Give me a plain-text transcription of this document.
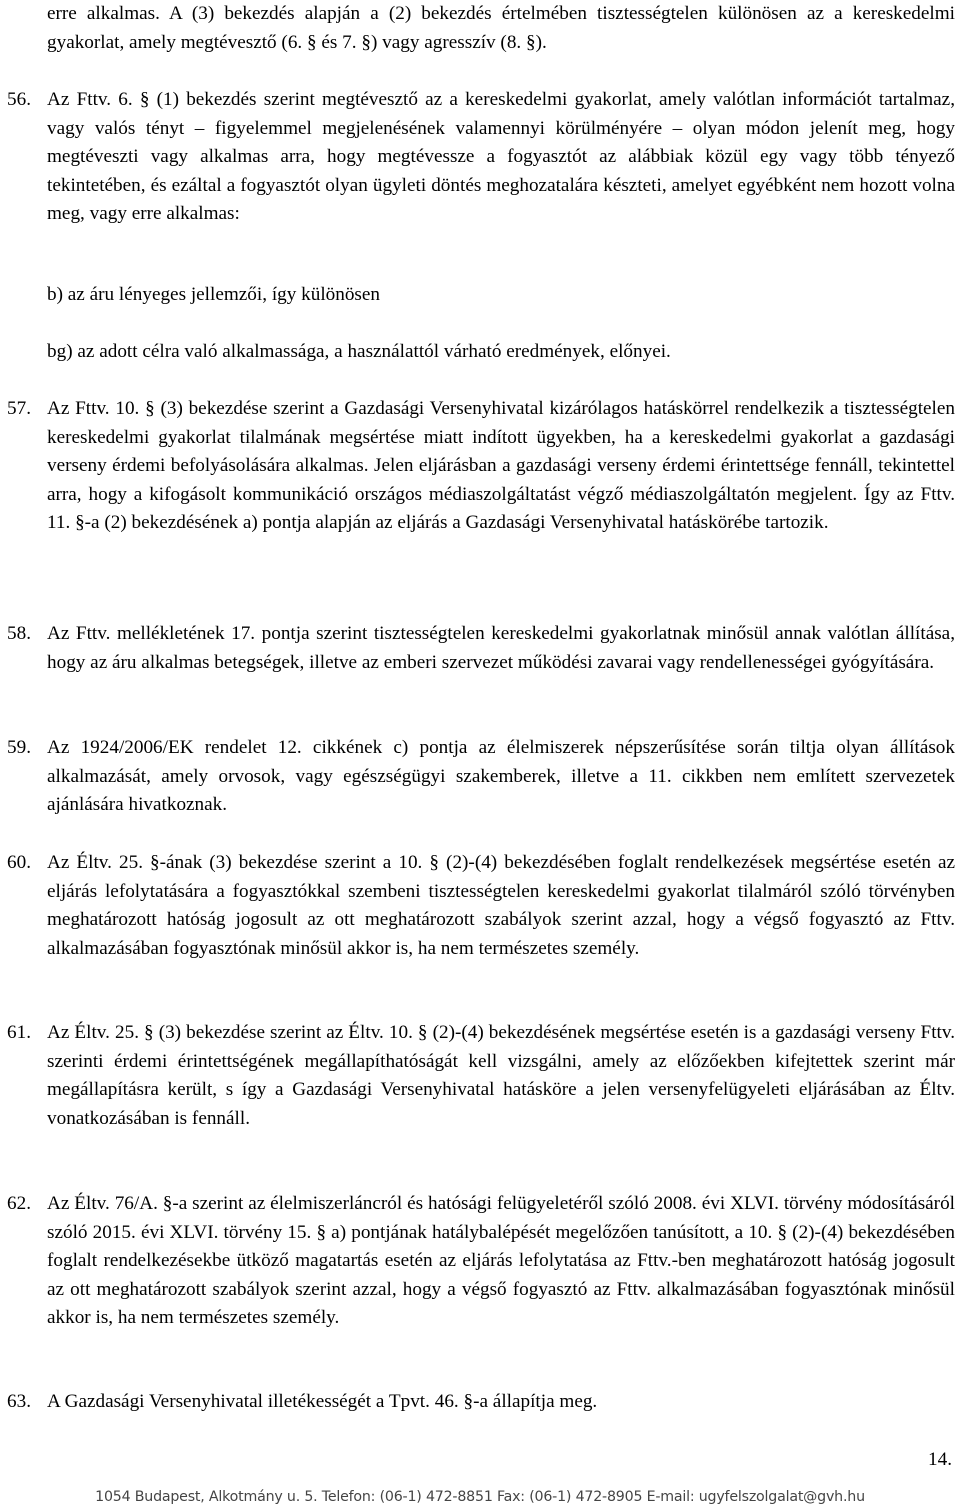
erre alkalmas. A (3) bekezdés alapján a (2) bekezdés értelmében tisztességtelen különösen az a kereskedelmi gyakorlat, amely megtévesztő (6. § és 7. §) vagy agresszív (8. §).

56. Az Fttv. 6. § (1) bekezdés szerint megtévesztő az a kereskedelmi gyakorlat, amely valótlan információt tartalmaz, vagy valós tényt – figyelemmel megjelenésének valamennyi körülményére – olyan módon jelenít meg, hogy megtéveszti vagy alkalmas arra, hogy megtévessze a fogyasztót az alábbiak közül egy vagy több tényező tekintetében, és ezáltal a fogyasztót olyan ügyleti döntés meghozatalára készteti, amelyet egyébként nem hozott volna meg, vagy erre alkalmas:

b) az áru lényeges jellemzői, így különösen

bg) az adott célra való alkalmassága, a használattól várható eredmények, előnyei.

57. Az Fttv. 10. § (3) bekezdése szerint a Gazdasági Versenyhivatal kizárólagos hatáskörrel rendelkezik a tisztességtelen kereskedelmi gyakorlat tilalmának megsértése miatt indított ügyekben, ha a kereskedelmi gyakorlat a gazdasági verseny érdemi befolyásolására alkalmas. Jelen eljárásban a gazdasági verseny érdemi érintettsége fennáll, tekintettel arra, hogy a kifogásolt kommunikáció országos médiaszolgáltatást végző médiaszolgáltatón megjelent. Így az Fttv. 11. §-a (2) bekezdésének a) pontja alapján az eljárás a Gazdasági Versenyhivatal hatáskörébe tartozik.
58. Az Fttv. mellékletének 17. pontja szerint tisztességtelen kereskedelmi gyakorlatnak minősül annak valótlan állítása, hogy az áru alkalmas betegségek, illetve az emberi szervezet működési zavarai vagy rendellenességei gyógyítására.
59. Az 1924/2006/EK rendelet 12. cikkének c) pontja az élelmiszerek népszerűsítése során tiltja olyan állítások alkalmazását, amely orvosok, vagy egészségügyi szakemberek, illetve a 11. cikkben nem említett szervezetek ajánlására hivatkoznak.
60. Az Éltv. 25. §-ának (3) bekezdése szerint a 10. § (2)-(4) bekezdésében foglalt rendelkezések megsértése esetén az eljárás lefolytatására a fogyasztókkal szembeni tisztességtelen kereskedelmi gyakorlat tilalmáról szóló törvényben meghatározott hatóság jogosult az ott meghatározott szabályok szerint azzal, hogy a végső fogyasztó az Fttv. alkalmazásában fogyasztónak minősül akkor is, ha nem természetes személy.
61. Az Éltv. 25. § (3) bekezdése szerint az Éltv. 10. § (2)-(4) bekezdésének megsértése esetén is a gazdasági verseny Fttv. szerinti érdemi érintettségének megállapíthatóságát kell vizsgálni, amely az előzőekben kifejtettek szerint már megállapításra került, s így a Gazdasági Versenyhivatal hatásköre a jelen versenyfelügyeleti eljárásában az Éltv. vonatkozásában is fennáll.
62. Az Éltv. 76/A. §-a szerint az élelmiszerláncról és hatósági felügyeletéről szóló 2008. évi XLVI. törvény módosításáról szóló 2015. évi XLVI. törvény 15. § a) pontjának hatálybalépését megelőzően tanúsított, a 10. § (2)-(4) bekezdésében foglalt rendelkezésekbe ütköző magatartás esetén az eljárás lefolytatása az Fttv.-ben meghatározott hatóság jogosult az ott meghatározott szabályok szerint azzal, hogy a végső fogyasztó az Fttv. alkalmazásában fogyasztónak minősül akkor is, ha nem természetes személy.
63. A Gazdasági Versenyhivatal illetékességét a Tpvt. 46. §-a állapítja meg.
14.
1054 Budapest, Alkotmány u. 5. Telefon: (06-1) 472-8851 Fax: (06-1) 472-8905 E-mail: ugyfelszolgalat@gvh.hu
